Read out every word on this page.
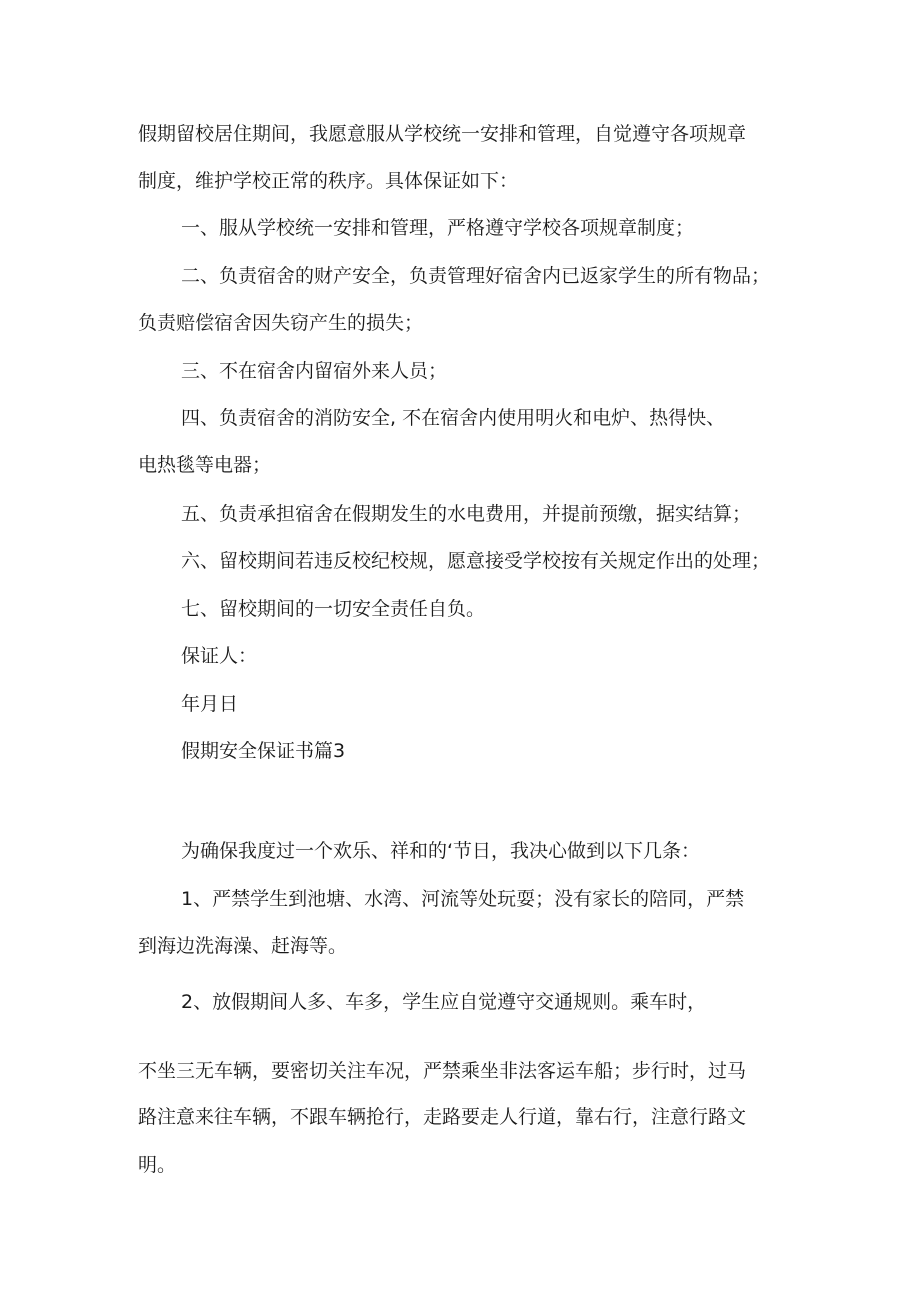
假期留校居住期间，我愿意服从学校统一安排和管理，自觉遵守各项规章

制度，维护学校正常的秩序。具体保证如下：

一、服从学校统一安排和管理，严格遵守学校各项规章制度；

二、负责宿舍的财产安全，负责管理好宿舍内已返家学生的所有物品；

负责赔偿宿舍因失窃产生的损失；

三、不在宿舍内留宿外来人员；

四、负责宿舍的消防安全, 不在宿舍内使用明火和电炉、热得快、

电热毯等电器；

五、负责承担宿舍在假期发生的水电费用，并提前预缴，据实结算；

六、留校期间若违反校纪校规，愿意接受学校按有关规定作出的处理；

七、留校期间的一切安全责任自负。

保证人：

年月日

假期安全保证书篇3

为确保我度过一个欢乐、祥和的‘节日，我决心做到以下几条：

1、严禁学生到池塘、水湾、河流等处玩耍；没有家长的陪同，严禁

到海边洗海澡、赶海等。

2、放假期间人多、车多，学生应自觉遵守交通规则。乘车时，

不坐三无车辆，要密切关注车况，严禁乘坐非法客运车船；步行时，过马

路注意来往车辆，不跟车辆抢行，走路要走人行道，靠右行，注意行路文

明。
